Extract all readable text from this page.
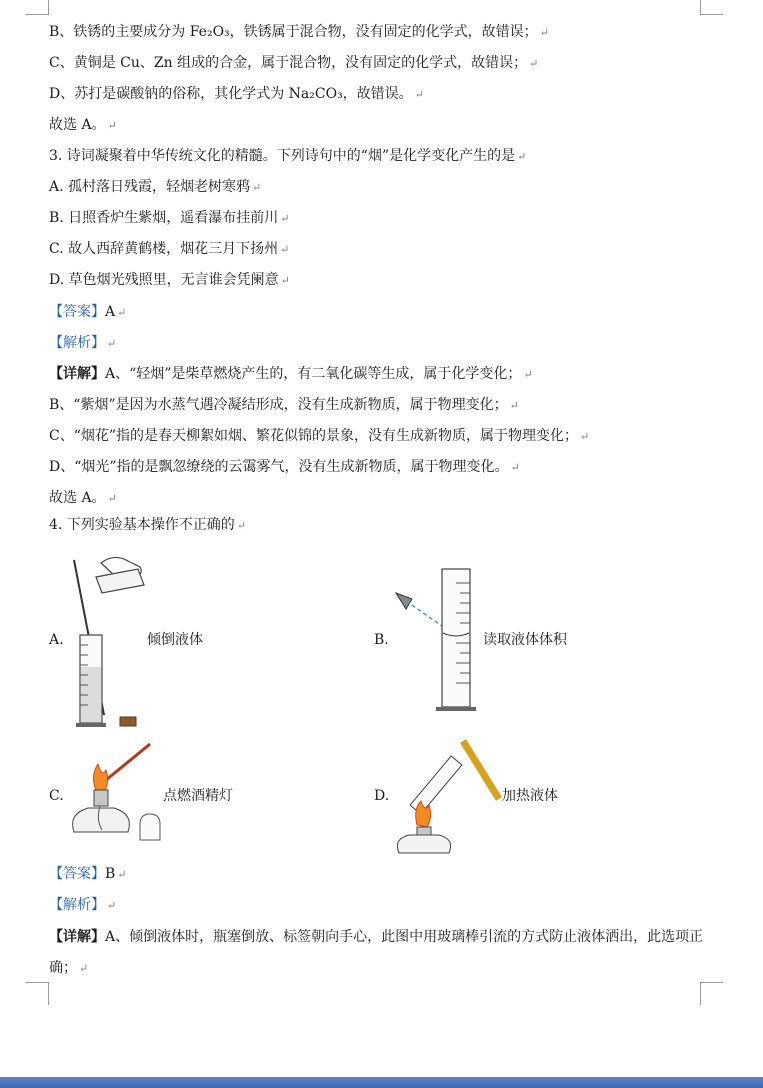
B、铁锈的主要成分为 Fe₂O₃，铁锈属于混合物，没有固定的化学式，故错误； ↵
C、黄铜是 Cu、Zn 组成的合金，属于混合物，没有固定的化学式，故错误； ↵
D、苏打是碳酸钠的俗称，其化学式为 Na₂CO₃，故错误。 ↵
故选 A。 ↵
3. 诗词凝聚着中华传统文化的精髓。下列诗句中的“烟”是化学变化产生的是 ↵
A. 孤村落日残霞，轻烟老树寒鸦 ↵
B. 日照香炉生紫烟，遥看瀑布挂前川 ↵
C. 故人西辞黄鹤楼，烟花三月下扬州 ↵
D. 草色烟光残照里，无言谁会凭阑意 ↵
【答案】A ↵
【解析】 ↵
【详解】A、“轻烟”是柴草燃烧产生的，有二氧化碳等生成，属于化学变化； ↵
B、“紫烟”是因为水蒸气遇冷凝结形成，没有生成新物质，属于物理变化； ↵
C、“烟花”指的是春天柳絮如烟、繁花似锦的景象，没有生成新物质，属于物理变化； ↵
D、“烟光”指的是飘忽缭绕的云霭雾气，没有生成新物质，属于物理变化。 ↵
故选 A。 ↵
4. 下列实验基本操作不正确的 ↵
A.	倾倒液体	B.	读取液体体积
C.	点燃酒精灯	D.	加热液体
【答案】B ↵
【解析】 ↵
【详解】A、倾倒液体时，瓶塞倒放、标签朝向手心，此图中用玻璃棒引流的方式防止液体洒出，此选项正
确； ↵
